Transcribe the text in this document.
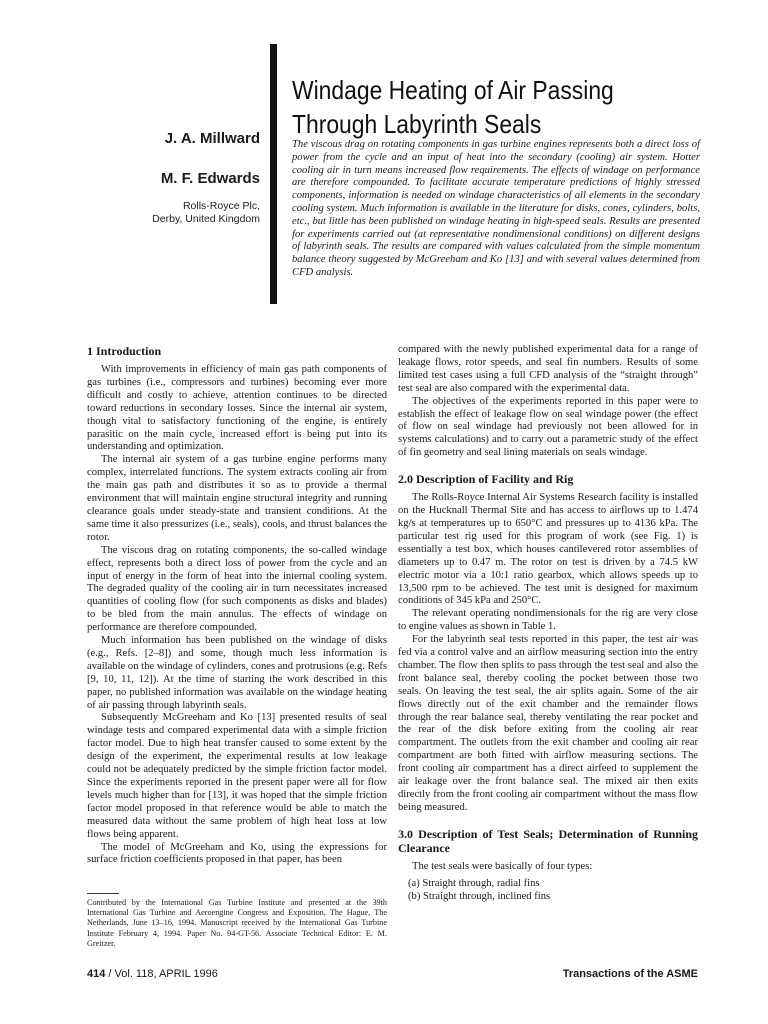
Windage Heating of Air Passing Through Labyrinth Seals
J. A. Millward
M. F. Edwards
Rolls-Royce Plc,
Derby, United Kingdom
The viscous drag on rotating components in gas turbine engines represents both a direct loss of power from the cycle and an input of heat into the secondary (cooling) air system. Hotter cooling air in turn means increased flow requirements. The effects of windage on performance are therefore compounded. To facilitate accurate temperature predictions of highly stressed components, information is needed on windage characteristics of all elements in the secondary cooling system. Much information is available in the literature for disks, cones, cylinders, bolts, etc., but little has been published on windage heating in high-speed seals. Results are presented for experiments carried out (at representative nondimensional conditions) on different designs of labyrinth seals. The results are compared with values calculated from the simple momentum balance theory suggested by McGreeham and Ko [13] and with several values determined from CFD analysis.
1 Introduction

With improvements in efficiency of main gas path components of gas turbines (i.e., compressors and turbines) becoming ever more difficult and costly to achieve, attention continues to be directed toward reductions in secondary losses. Since the internal air system, though vital to satisfactory functioning of the engine, is entirely parasitic on the main cycle, increased effort is being put into its understanding and optimization.

The internal air system of a gas turbine engine performs many complex, interrelated functions. The system extracts cooling air from the main gas path and distributes it so as to provide a thermal environment that will maintain engine structural integrity and running clearance goals under steady-state and transient conditions. At the same time it also pressurizes (i.e., seals), cools, and thrust balances the rotor.

The viscous drag on rotating components, the so-called windage effect, represents both a direct loss of power from the cycle and an input of energy in the form of heat into the internal cooling system. The degraded quality of the cooling air in turn necessitates increased quantities of cooling flow (for such components as disks and blades) to be bled from the main annulus. The effects of windage on performance are therefore compounded.

Much information has been published on the windage of disks (e.g., Refs. [2–8]) and some, though much less information is available on the windage of cylinders, cones and protrusions (e.g. Refs [9, 10, 11, 12]). At the time of starting the work described in this paper, no published information was available on the windage heating of air passing through labyrinth seals.

Subsequently McGreeham and Ko [13] presented results of seal windage tests and compared experimental data with a simple friction factor model. Due to high heat transfer caused to some extent by the design of the experiment, the experimental results at low leakage could not be adequately predicted by the simple friction factor model. Since the experiments reported in the present paper were all for flow levels much higher than for [13], it was hoped that the simple friction factor model proposed in that reference would be able to match the measured data without the same problem of high heat loss at low flows being apparent.

The model of McGreeham and Ko, using the expressions for surface friction coefficients proposed in that paper, has been

Contributed by the International Gas Turbine Institute and presented at the 39th International Gas Turbine and Aeroengine Congress and Exposition, The Hague, The Netherlands, June 13–16, 1994. Manuscript received by the International Gas Turbine Institute February 4, 1994. Paper No. 94-GT-56. Associate Technical Editor: E. M. Greitzer.

compared with the newly published experimental data for a range of leakage flows, rotor speeds, and seal fin numbers. Results of some limited test cases using a full CFD analysis of the “straight through” test seal are also compared with the experimental data.

The objectives of the experiments reported in this paper were to establish the effect of leakage flow on seal windage power (the effect of flow on seal windage had previously not been allowed for in systems calculations) and to carry out a parametric study of the effect of fin geometry and seal lining materials on seals windage.

2.0 Description of Facility and Rig

The Rolls-Royce Internal Air Systems Research facility is installed on the Hucknall Thermal Site and has access to airflows up to 1.474 kg/s at temperatures up to 650°C and pressures up to 4136 kPa. The particular test rig used for this program of work (see Fig. 1) is essentially a test box, which houses cantilevered rotor assemblies of diameters up to 0.47 m. The rotor on test is driven by a 74.5 kW electric motor via a 10:1 ratio gearbox, which allows speeds up to 13,500 rpm to be achieved. The test unit is designed for maximum conditions of 345 kPa and 250°C.

The relevant operating nondimensionals for the rig are very close to engine values as shown in Table 1.

For the labyrinth seal tests reported in this paper, the test air was fed via a control valve and an airflow measuring section into the entry chamber. The flow then splits to pass through the test seal and also the front balance seal, thereby cooling the pocket between those two seals. On leaving the test seal, the air splits again. Some of the air flows directly out of the exit chamber and the remainder flows through the rear balance seal, thereby ventilating the rear pocket and the rear of the disk before exiting from the cooling air rear compartment. The outlets from the exit chamber and cooling air rear compartment are both fitted with airflow measuring sections. The front cooling air compartment has a direct airfeed to supplement the air leakage over the front balance seal. The mixed air then exits directly from the front cooling air compartment without the mass flow being measured.

3.0 Description of Test Seals; Determination of Running Clearance

The test seals were basically of four types:

(a) Straight through, radial fins

(b) Straight through, inclined fins

414 / Vol. 118, APRIL 1996	Transactions of the ASME
